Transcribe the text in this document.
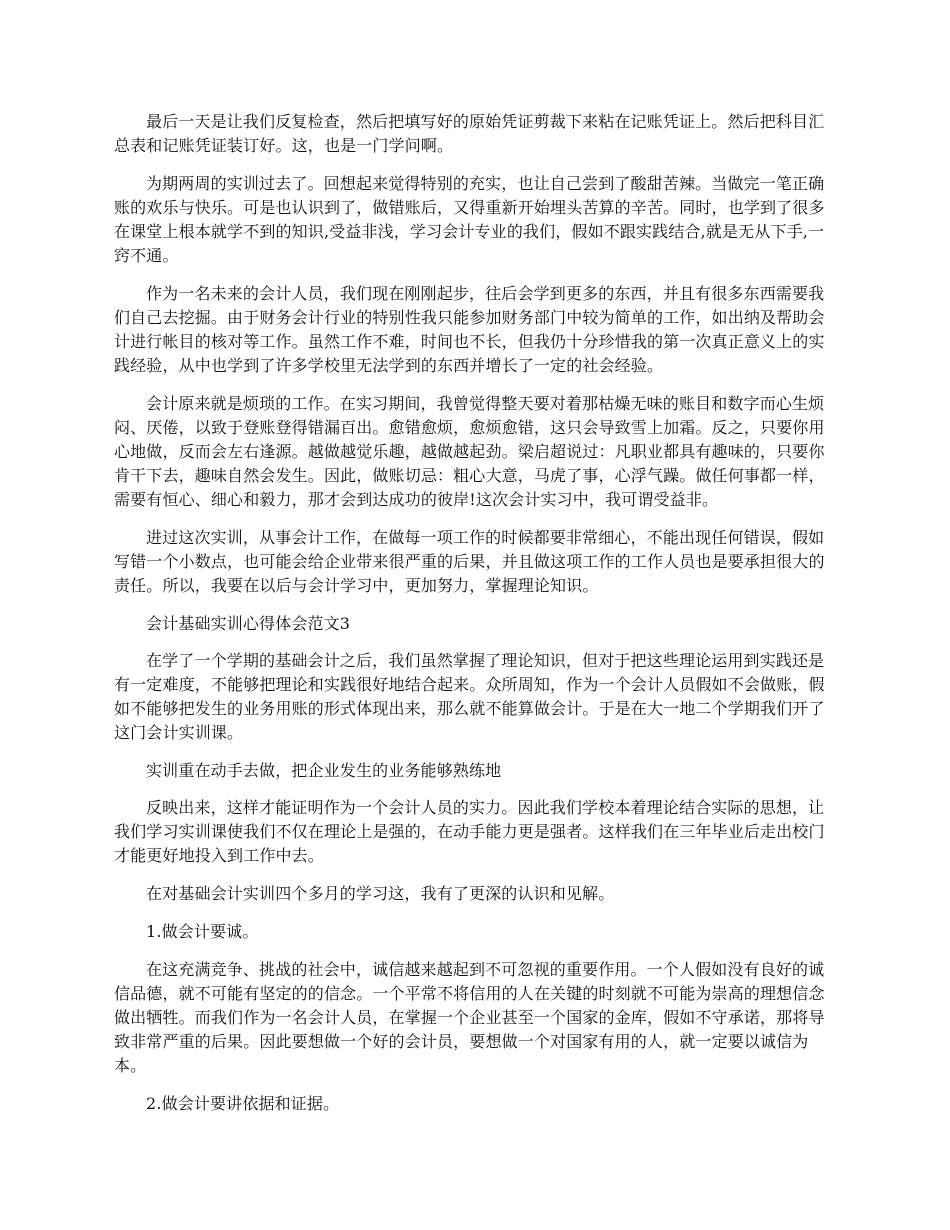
最后一天是让我们反复检查，然后把填写好的原始凭证剪裁下来粘在记账凭证上。然后把科目汇总表和记账凭证装订好。这，也是一门学问啊。

为期两周的实训过去了。回想起来觉得特别的充实，也让自己尝到了酸甜苦辣。当做完一笔正确账的欢乐与快乐。可是也认识到了，做错账后，又得重新开始埋头苦算的辛苦。同时，也学到了很多在课堂上根本就学不到的知识,受益非浅，学习会计专业的我们，假如不跟实践结合,就是无从下手,一窍不通。

作为一名未来的会计人员，我们现在刚刚起步，往后会学到更多的东西，并且有很多东西需要我们自己去挖掘。由于财务会计行业的特别性我只能参加财务部门中较为简单的工作，如出纳及帮助会计进行帐目的核对等工作。虽然工作不难，时间也不长，但我仍十分珍惜我的第一次真正意义上的实践经验，从中也学到了许多学校里无法学到的东西并增长了一定的社会经验。

会计原来就是烦琐的工作。在实习期间，我曾觉得整天要对着那枯燥无味的账目和数字而心生烦闷、厌倦，以致于登账登得错漏百出。愈错愈烦，愈烦愈错，这只会导致雪上加霜。反之，只要你用心地做，反而会左右逢源。越做越觉乐趣，越做越起劲。梁启超说过：凡职业都具有趣味的，只要你肯干下去，趣味自然会发生。因此，做账切忌：粗心大意，马虎了事，心浮气躁。做任何事都一样，需要有恒心、细心和毅力，那才会到达成功的彼岸!这次会计实习中，我可谓受益非。

进过这次实训，从事会计工作，在做每一项工作的时候都要非常细心，不能出现任何错误，假如写错一个小数点，也可能会给企业带来很严重的后果，并且做这项工作的工作人员也是要承担很大的责任。所以，我要在以后与会计学习中，更加努力，掌握理论知识。

会计基础实训心得体会范文3

在学了一个学期的基础会计之后，我们虽然掌握了理论知识，但对于把这些理论运用到实践还是有一定难度，不能够把理论和实践很好地结合起来。众所周知，作为一个会计人员假如不会做账，假如不能够把发生的业务用账的形式体现出来，那么就不能算做会计。于是在大一地二个学期我们开了这门会计实训课。

实训重在动手去做，把企业发生的业务能够熟练地

反映出来，这样才能证明作为一个会计人员的实力。因此我们学校本着理论结合实际的思想，让我们学习实训课使我们不仅在理论上是强的，在动手能力更是强者。这样我们在三年毕业后走出校门才能更好地投入到工作中去。

在对基础会计实训四个多月的学习这，我有了更深的认识和见解。

1.做会计要诚。

在这充满竞争、挑战的社会中，诚信越来越起到不可忽视的重要作用。一个人假如没有良好的诚信品德，就不可能有坚定的的信念。一个平常不将信用的人在关键的时刻就不可能为崇高的理想信念做出牺牲。而我们作为一名会计人员，在掌握一个企业甚至一个国家的金库，假如不守承诺，那将导致非常严重的后果。因此要想做一个好的会计员，要想做一个对国家有用的人，就一定要以诚信为本。

2.做会计要讲依据和证据。
